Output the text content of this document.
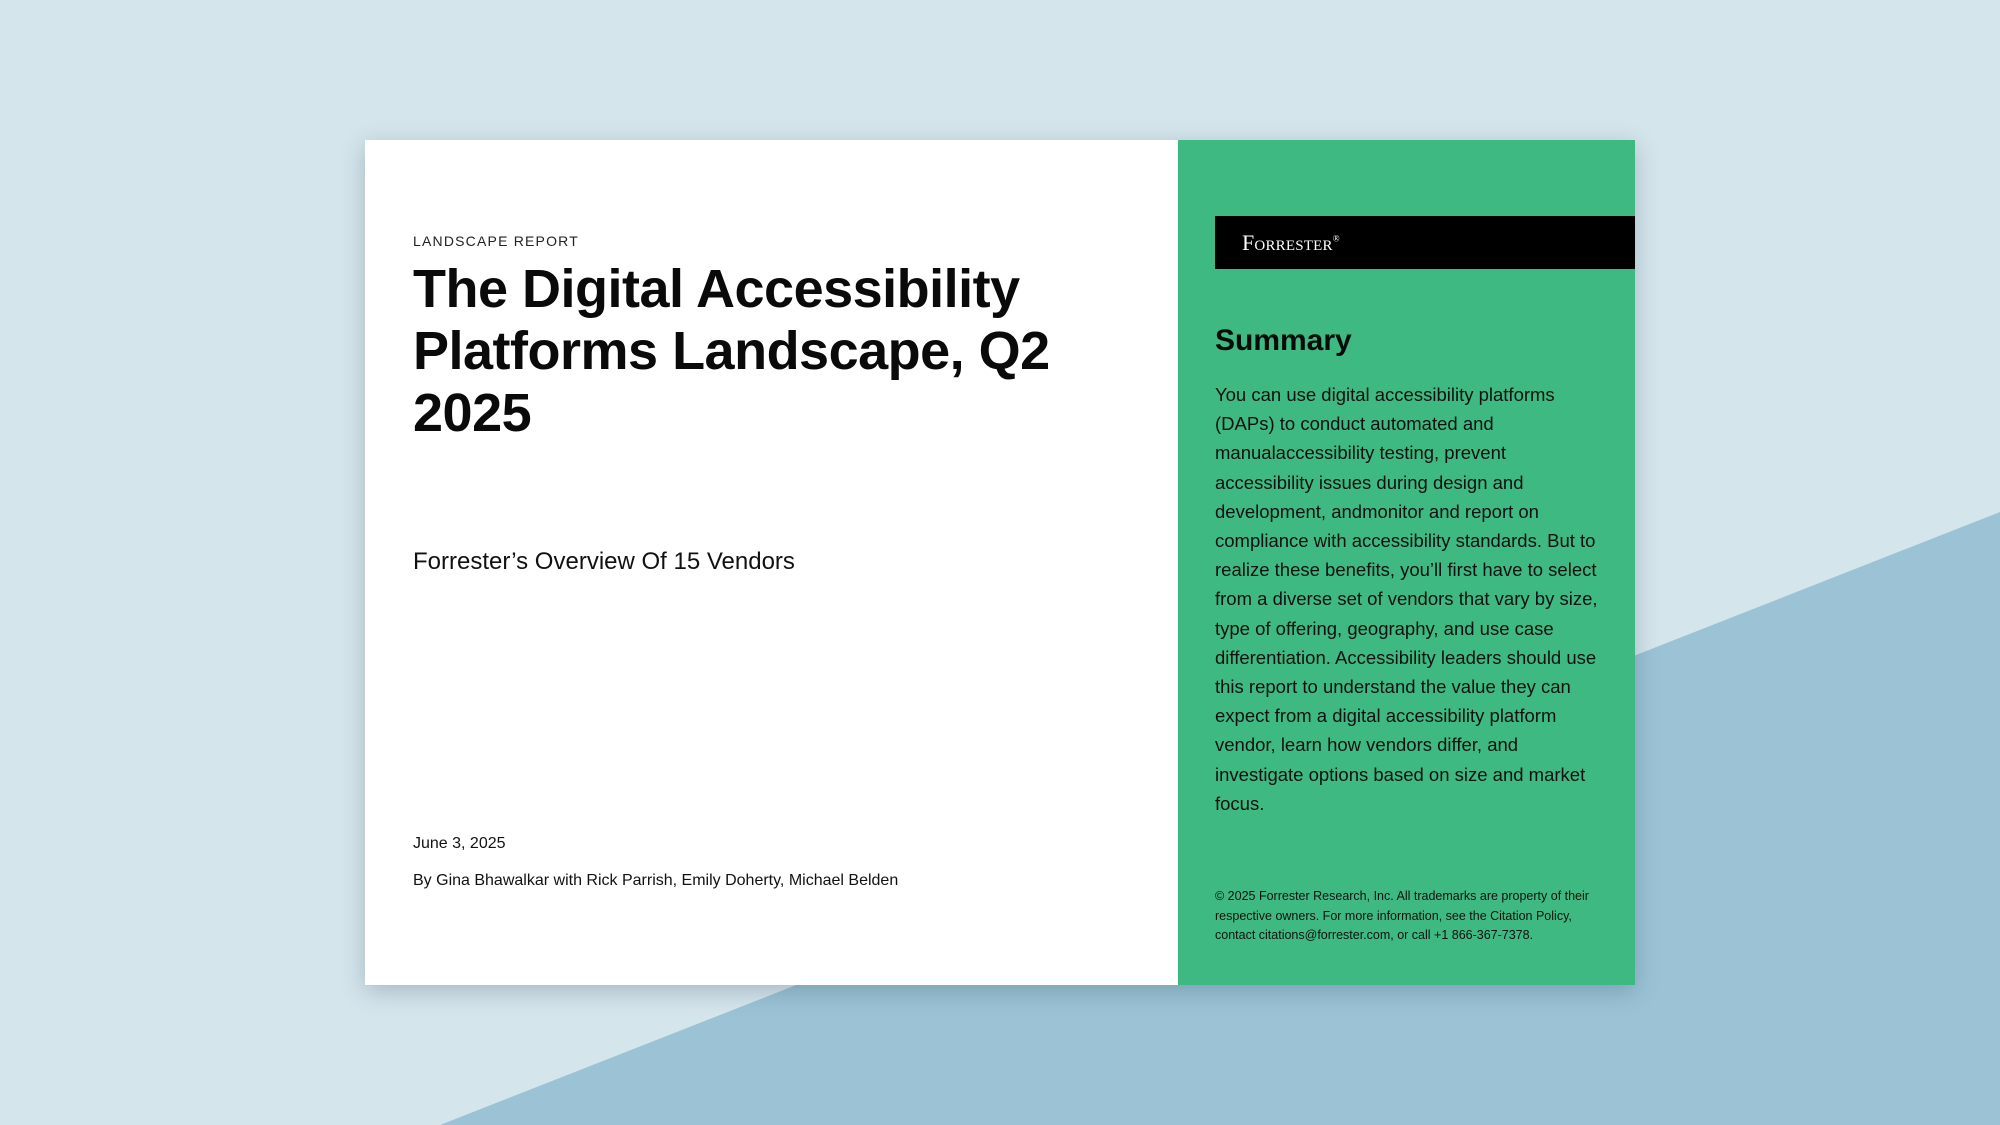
LANDSCAPE REPORT
The Digital Accessibility Platforms Landscape, Q2 2025
Forrester’s Overview Of 15 Vendors
June 3, 2025
By Gina Bhawalkar with Rick Parrish, Emily Doherty, Michael Belden
Forrester®
Summary

You can use digital accessibility platforms (DAPs) to conduct automated and manualaccessibility testing, prevent accessibility issues during design and development, andmonitor and report on compliance with accessibility standards. But to realize these benefits, you’ll first have to select from a diverse set of vendors that vary by size, type of offering, geography, and use case differentiation. Accessibility leaders should use this report to understand the value they can expect from a digital accessibility platform vendor, learn how vendors differ, and investigate options based on size and market focus.

© 2025 Forrester Research, Inc. All trademarks are property of their respective owners. For more information, see the Citation Policy, contact citations@forrester.com, or call +1 866-367-7378.
